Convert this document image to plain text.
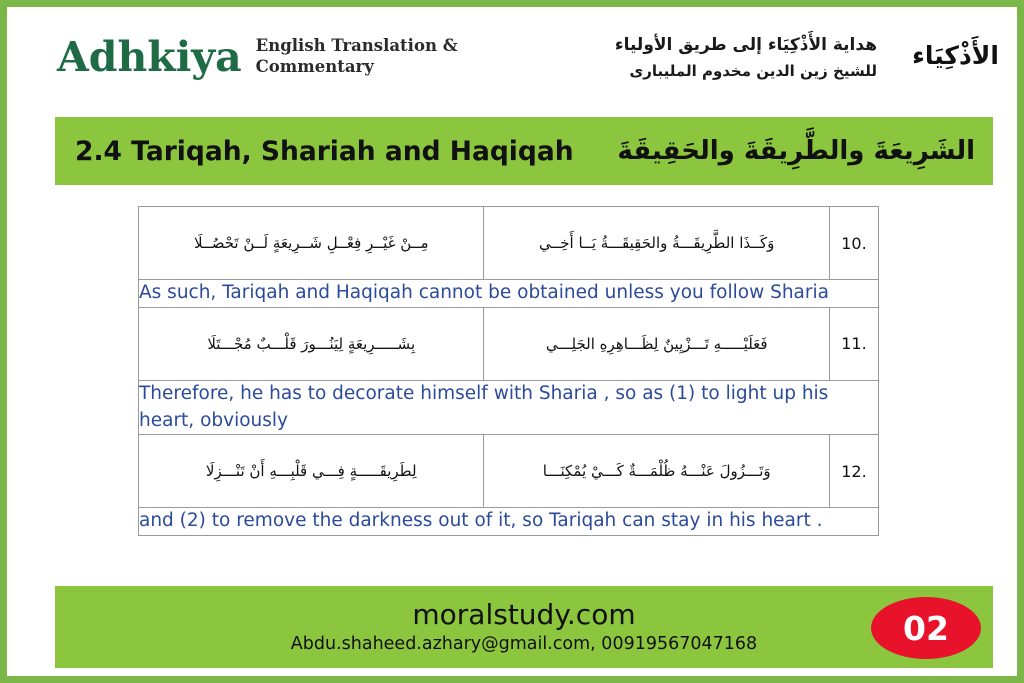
Adhkiya English Translation & Commentary
هداية الأَذْكِيَاء إلى طريق الأولياء
للشيخ زين الدين مخدوم المليبارى
الأَذْكِيَاء
2.4 Tariqah, Shariah and Haqiqah الشَرِيعَةَ والطَّرِيقَةَ والحَقِيقَةَ
مِــنْ غَيْــرِ فِعْــلِ شَــرِيعَةٍ لَــنْ تَحْصُــلَا	وَكَــذَا الطَّرِيقَـــةُ والحَقِيقَـــةُ يَــا أَخِــي	.10
As such, Tariqah and Haqiqah cannot be obtained unless you follow Sharia		
بِشَـــــرِيعَةٍ لِيَنُـــورَ قَلْـــبٌ مُجْـــتَلَا	فَعَلَيْـــــهِ تَـــزْيِينٌ لِظَـــاهِرِهِ الجَلِـــي	.11
Therefore, he has to decorate himself with Sharia , so as (1) to light up his heart, obviously		
لِطَرِيقَـــــةٍ فِـــي قَلْبِـــهِ أَنْ تَنْـــزِلَا	وَتَـــزُولَ عَنْـــهُ ظُلْمَـــةٌ كَـــيْ يُمْكِنَـــا	.12
and (2) to remove the darkness out of it, so Tariqah can stay in his heart .		
moralstudy.com
Abdu.shaheed.azhary@gmail.com, 00919567047168	02
